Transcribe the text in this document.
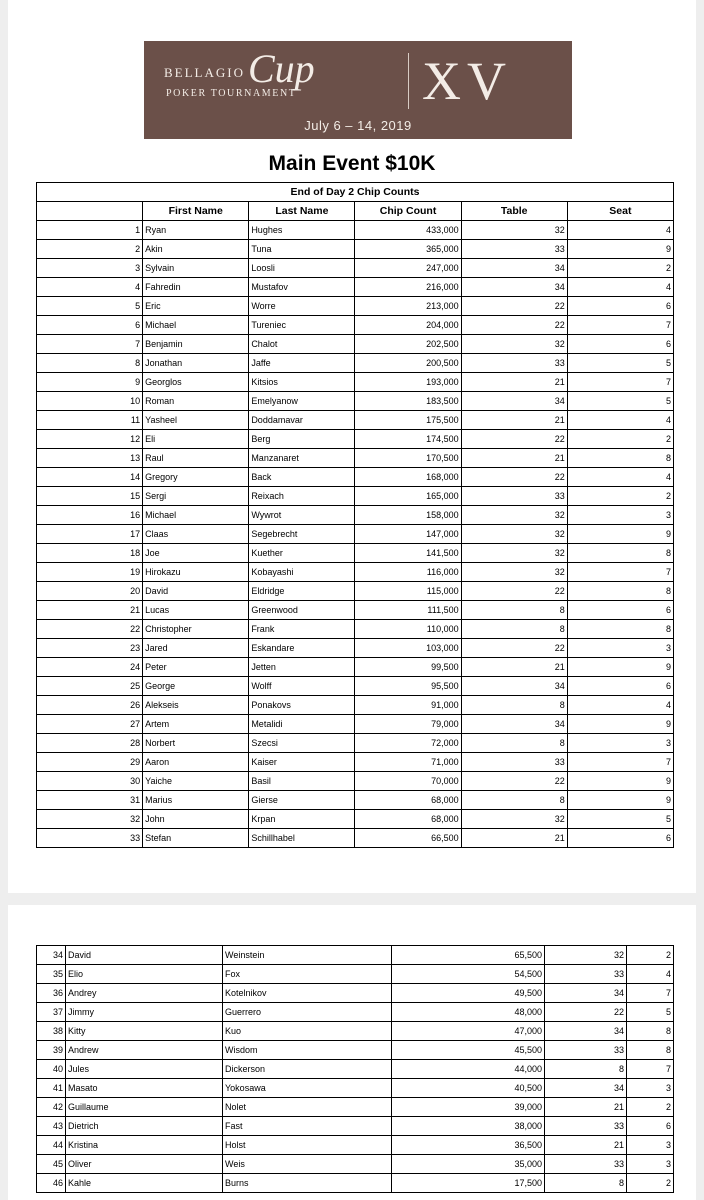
BELLAGIO Cup
POKER TOURNAMENT XV
July 6 – 14, 2019
Main Event $10K
End of Day 2 Chip Counts					
	First Name	Last Name	Chip Count	Table	Seat
1	Ryan	Hughes	433,000	32	4
2	Akin	Tuna	365,000	33	9
3	Sylvain	Loosli	247,000	34	2
4	Fahredin	Mustafov	216,000	34	4
5	Eric	Worre	213,000	22	6
6	Michael	Tureniec	204,000	22	7
7	Benjamin	Chalot	202,500	32	6
8	Jonathan	Jaffe	200,500	33	5
9	Georglos	Kitsios	193,000	21	7
10	Roman	Emelyanow	183,500	34	5
11	Yasheel	Doddamavar	175,500	21	4
12	Eli	Berg	174,500	22	2
13	Raul	Manzanaret	170,500	21	8
14	Gregory	Back	168,000	22	4
15	Sergi	Reixach	165,000	33	2
16	Michael	Wywrot	158,000	32	3
17	Claas	Segebrecht	147,000	32	9
18	Joe	Kuether	141,500	32	8
19	Hirokazu	Kobayashi	116,000	32	7
20	David	Eldridge	115,000	22	8
21	Lucas	Greenwood	111,500	8	6
22	Christopher	Frank	110,000	8	8
23	Jared	Eskandare	103,000	22	3
24	Peter	Jetten	99,500	21	9
25	George	Wolff	95,500	34	6
26	Alekseis	Ponakovs	91,000	8	4
27	Artem	Metalidi	79,000	34	9
28	Norbert	Szecsi	72,000	8	3
29	Aaron	Kaiser	71,000	33	7
30	Yaiche	Basil	70,000	22	9
31	Marius	Gierse	68,000	8	9
32	John	Krpan	68,000	32	5
33	Stefan	Schillhabel	66,500	21	6
34	David	Weinstein	65,500	32	2
35	Elio	Fox	54,500	33	4
36	Andrey	Kotelnikov	49,500	34	7
37	Jimmy	Guerrero	48,000	22	5
38	Kitty	Kuo	47,000	34	8
39	Andrew	Wisdom	45,500	33	8
40	Jules	Dickerson	44,000	8	7
41	Masato	Yokosawa	40,500	34	3
42	Guillaume	Nolet	39,000	21	2
43	Dietrich	Fast	38,000	33	6
44	Kristina	Holst	36,500	21	3
45	Oliver	Weis	35,000	33	3
46	Kahle	Burns	17,500	8	2
